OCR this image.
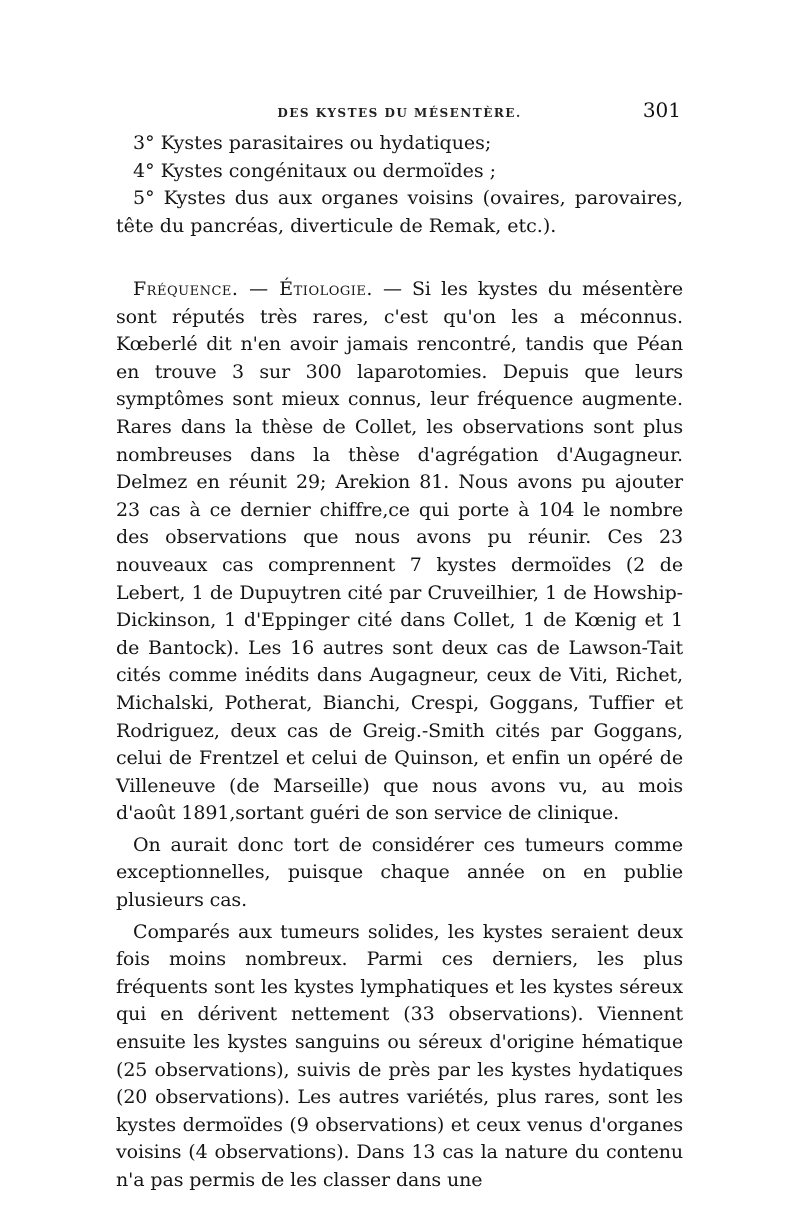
DES KYSTES DU MÉSENTÈRE.	301

3° Kystes parasitaires ou hydatiques;

4° Kystes congénitaux ou dermoïdes ;

5° Kystes dus aux organes voisins (ovaires, parovaires, tête du pancréas, diverticule de Remak, etc.).

Fréquence. — Étiologie. — Si les kystes du mésentère sont réputés très rares, c'est qu'on les a méconnus. Kœberlé dit n'en avoir jamais rencontré, tandis que Péan en trouve 3 sur 300 laparotomies. Depuis que leurs symptômes sont mieux connus, leur fréquence augmente. Rares dans la thèse de Collet, les observations sont plus nombreuses dans la thèse d'agrégation d'Augagneur. Delmez en réunit 29; Arekion 81. Nous avons pu ajouter 23 cas à ce dernier chiffre,ce qui porte à 104 le nombre des observations que nous avons pu réunir. Ces 23 nouveaux cas comprennent 7 kystes dermoïdes (2 de Lebert, 1 de Dupuytren cité par Cruveilhier, 1 de Howship-Dickinson, 1 d'Eppinger cité dans Collet, 1 de Kœnig et 1 de Bantock). Les 16 autres sont deux cas de Lawson-Tait cités comme inédits dans Augagneur, ceux de Viti, Richet, Michalski, Potherat, Bianchi, Crespi, Goggans, Tuffier et Rodriguez, deux cas de Greig.-Smith cités par Goggans, celui de Frentzel et celui de Quinson, et enfin un opéré de Villeneuve (de Marseille) que nous avons vu, au mois d'août 1891,sortant guéri de son service de clinique.

On aurait donc tort de considérer ces tumeurs comme exceptionnelles, puisque chaque année on en publie plusieurs cas.

Comparés aux tumeurs solides, les kystes seraient deux fois moins nombreux. Parmi ces derniers, les plus fréquents sont les kystes lymphatiques et les kystes séreux qui en dérivent nettement (33 observations). Viennent ensuite les kystes sanguins ou séreux d'origine hématique (25 observations), suivis de près par les kystes hydatiques (20 observations). Les autres variétés, plus rares, sont les kystes dermoïdes (9 observations) et ceux venus d'organes voisins (4 observations). Dans 13 cas la nature du contenu n'a pas permis de les classer dans une
